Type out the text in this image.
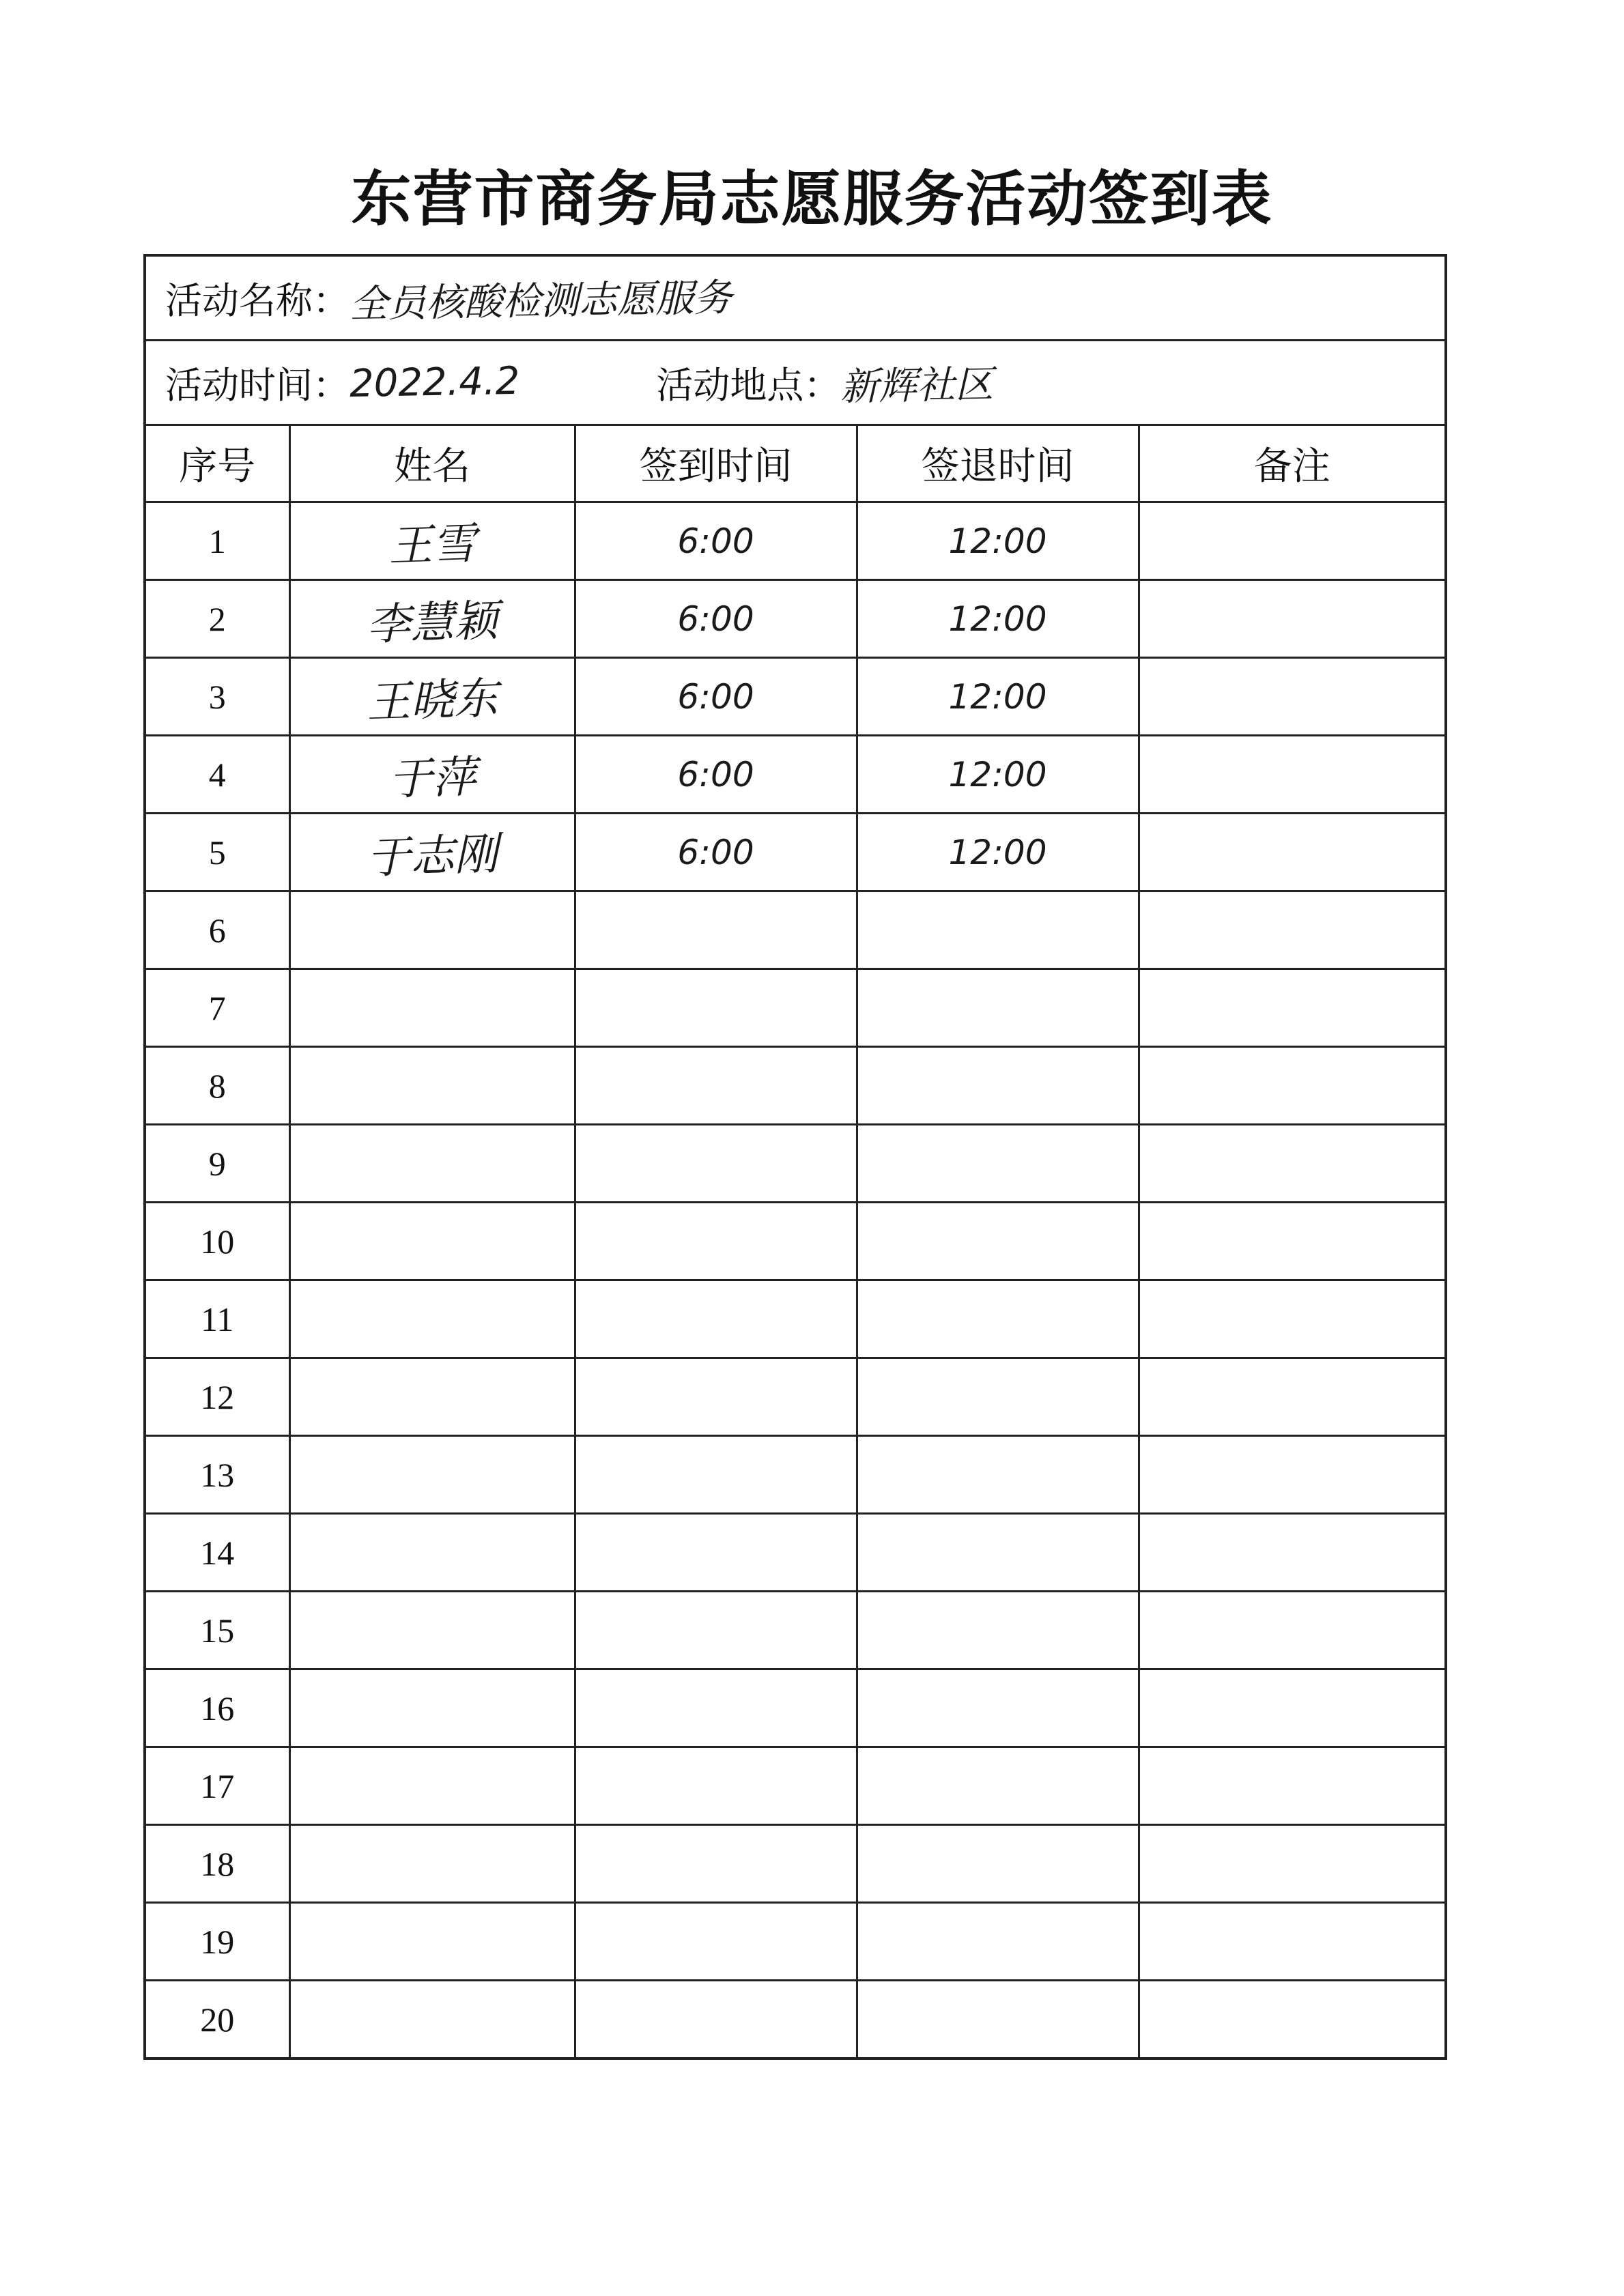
东营市商务局志愿服务活动签到表
活动名称： 全员核酸检测志愿服务
活动时间： 2022.4.2	活动地点： 新辉社区
序号	姓名	签到时间	签退时间	备注
1	王雪	6:00	12:00	
2	李慧颖	6:00	12:00	
3	王晓东	6:00	12:00	
4	于萍	6:00	12:00	
5	于志刚	6:00	12:00	
6				
7				
8				
9				
10				
11				
12				
13				
14				
15				
16				
17				
18				
19				
20				
